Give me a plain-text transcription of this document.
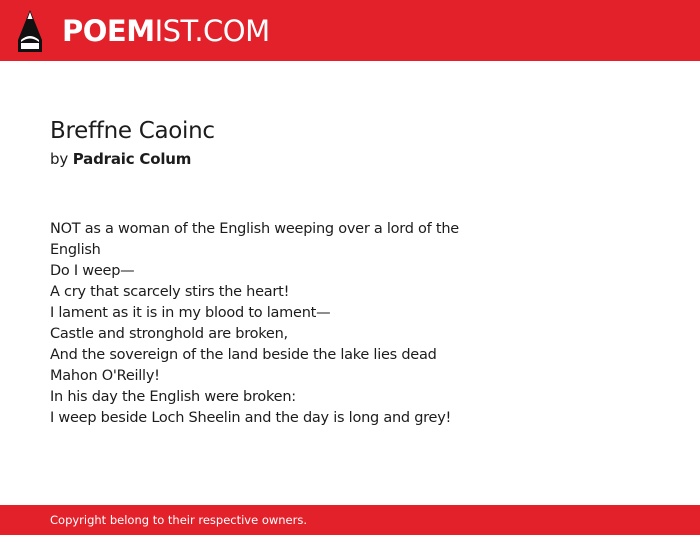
POEMIST.COM
Breffne Caoinc
by Padraic Colum
NOT as a woman of the English weeping over a lord of the
English
Do I weep—
A cry that scarcely stirs the heart!
I lament as it is in my blood to lament—
Castle and stronghold are broken,
And the sovereign of the land beside the lake lies dead
Mahon O'Reilly!
In his day the English were broken:
I weep beside Loch Sheelin and the day is long and grey!
Copyright belong to their respective owners.
